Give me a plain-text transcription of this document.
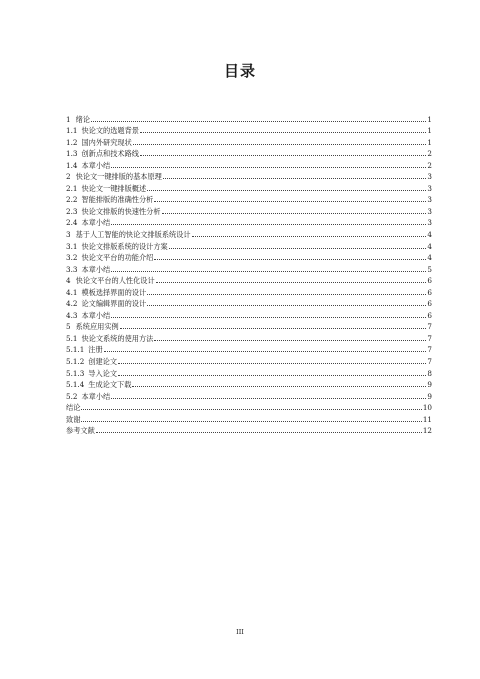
目录
1 绪论	1
1.1 快论文的选题背景	1
1.2 国内外研究现状	1
1.3 创新点和技术路线	2
1.4 本章小结	2
2 快论文一键排版的基本原理	3
2.1 快论文一键排版概述	3
2.2 智能排版的准确性分析	3
2.3 快论文排版的快速性分析	3
2.4 本章小结	3
3 基于人工智能的快论文排版系统设计	4
3.1 快论文排版系统的设计方案	4
3.2 快论文平台的功能介绍	4
3.3 本章小结	5
4 快论文平台的人性化设计	6
4.1 模板选择界面的设计	6
4.2 论文编辑界面的设计	6
4.3 本章小结	6
5 系统应用实例	7
5.1 快论文系统的使用方法	7
5.1.1 注册	7
5.1.2 创建论文	7
5.1.3 导入论文	8
5.1.4 生成论文下载	9
5.2 本章小结	9
结论	10
致谢	11
参考文献	12
III
